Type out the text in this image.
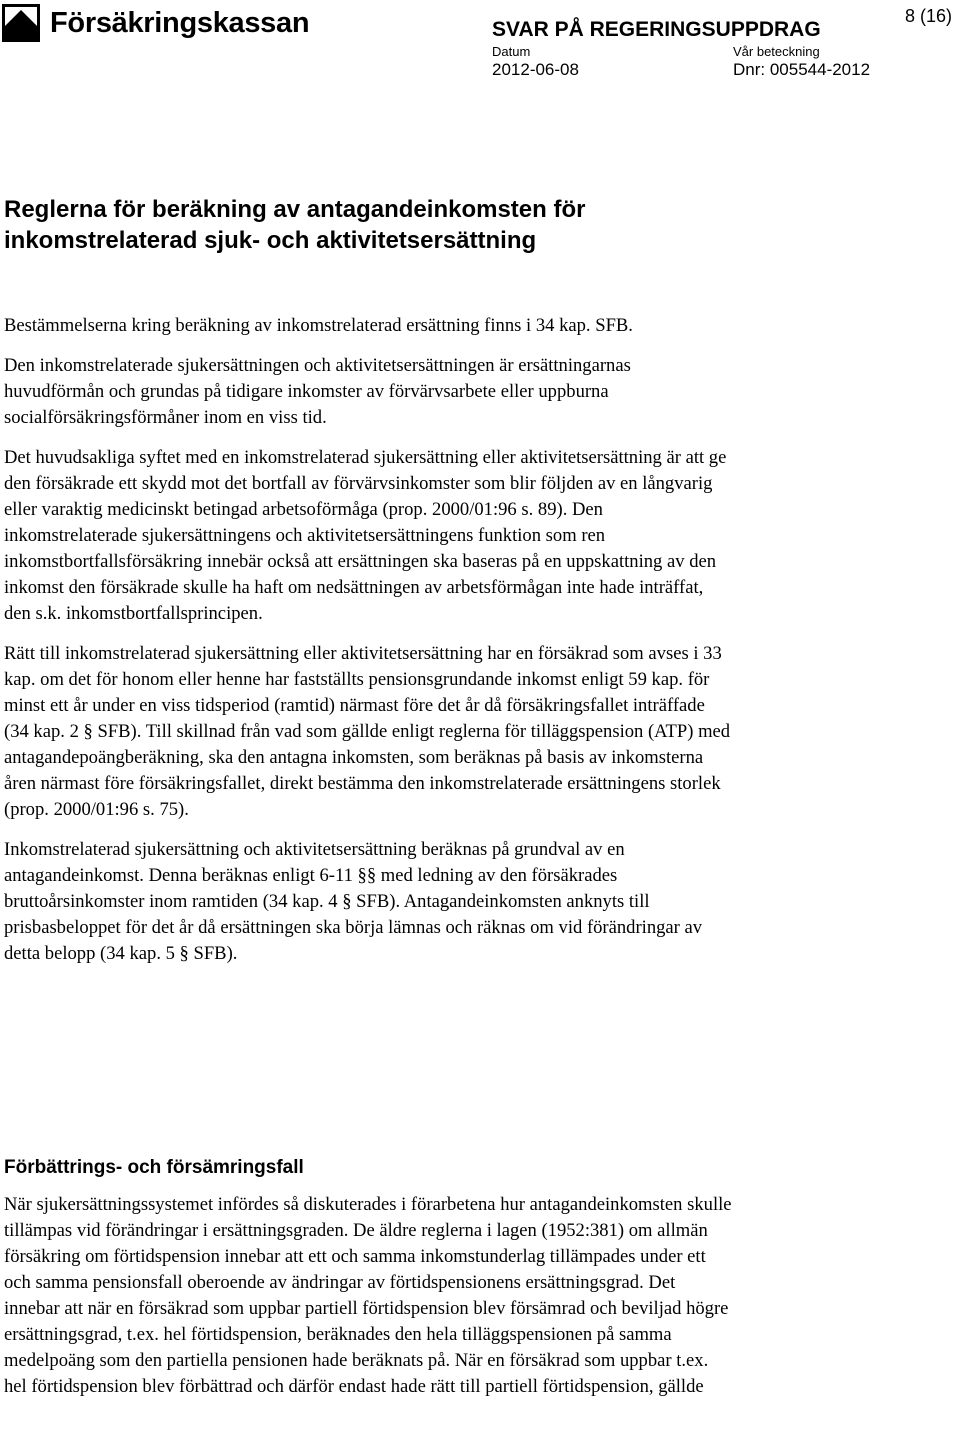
Försäkringskassan	SVAR PÅ REGERINGSUPPDRAG
8 (16)
Datum
2012-06-08
Vår beteckning
Dnr: 005544-2012
Reglerna för beräkning av antagandeinkomsten för inkomstrelaterad sjuk- och aktivitetsersättning

Bestämmelserna kring beräkning av inkomstrelaterad ersättning finns i 34 kap. SFB.

Den inkomstrelaterade sjukersättningen och aktivitetsersättningen är ersättningarnas huvudförmån och grundas på tidigare inkomster av förvärvsarbete eller uppburna socialförsäkringsförmåner inom en viss tid.

Det huvudsakliga syftet med en inkomstrelaterad sjukersättning eller aktivitetsersättning är att ge den försäkrade ett skydd mot det bortfall av förvärvsinkomster som blir följden av en långvarig eller varaktig medicinskt betingad arbetsoförmåga (prop. 2000/01:96 s. 89). Den inkomstrelaterade sjukersättningens och aktivitetsersättningens funktion som ren inkomstbortfallsförsäkring innebär också att ersättningen ska baseras på en uppskattning av den inkomst den försäkrade skulle ha haft om nedsättningen av arbetsförmågan inte hade inträffat, den s.k. inkomstbortfallsprincipen.

Rätt till inkomstrelaterad sjukersättning eller aktivitetsersättning har en försäkrad som avses i 33 kap. om det för honom eller henne har fastställts pensionsgrundande inkomst enligt 59 kap. för minst ett år under en viss tidsperiod (ramtid) närmast före det år då försäkringsfallet inträffade (34 kap. 2 § SFB). Till skillnad från vad som gällde enligt reglerna för tilläggspension (ATP) med antagandepoängberäkning, ska den antagna inkomsten, som beräknas på basis av inkomsterna åren närmast före försäkringsfallet, direkt bestämma den inkomstrelaterade ersättningens storlek (prop. 2000/01:96 s. 75).

Inkomstrelaterad sjukersättning och aktivitetsersättning beräknas på grundval av en antagandeinkomst. Denna beräknas enligt 6-11 §§ med ledning av den försäkrades bruttoårsinkomster inom ramtiden (34 kap. 4 § SFB). Antagandeinkomsten anknyts till prisbasbeloppet för det år då ersättningen ska börja lämnas och räknas om vid förändringar av detta belopp (34 kap. 5 § SFB).

Förbättrings- och försämringsfall

När sjukersättningssystemet infördes så diskuterades i förarbetena hur antagandeinkomsten skulle tillämpas vid förändringar i ersättningsgraden. De äldre reglerna i lagen (1952:381) om allmän försäkring om förtidspension innebar att ett och samma inkomstunderlag tillämpades under ett och samma pensionsfall oberoende av ändringar av förtidspensionens ersättningsgrad. Det innebar att när en försäkrad som uppbar partiell förtidspension blev försämrad och beviljad högre ersättningsgrad, t.ex. hel förtidspension, beräknades den hela tilläggspensionen på samma medelpoäng som den partiella pensionen hade beräknats på. När en försäkrad som uppbar t.ex. hel förtidspension blev förbättrad och därför endast hade rätt till partiell förtidspension, gällde
